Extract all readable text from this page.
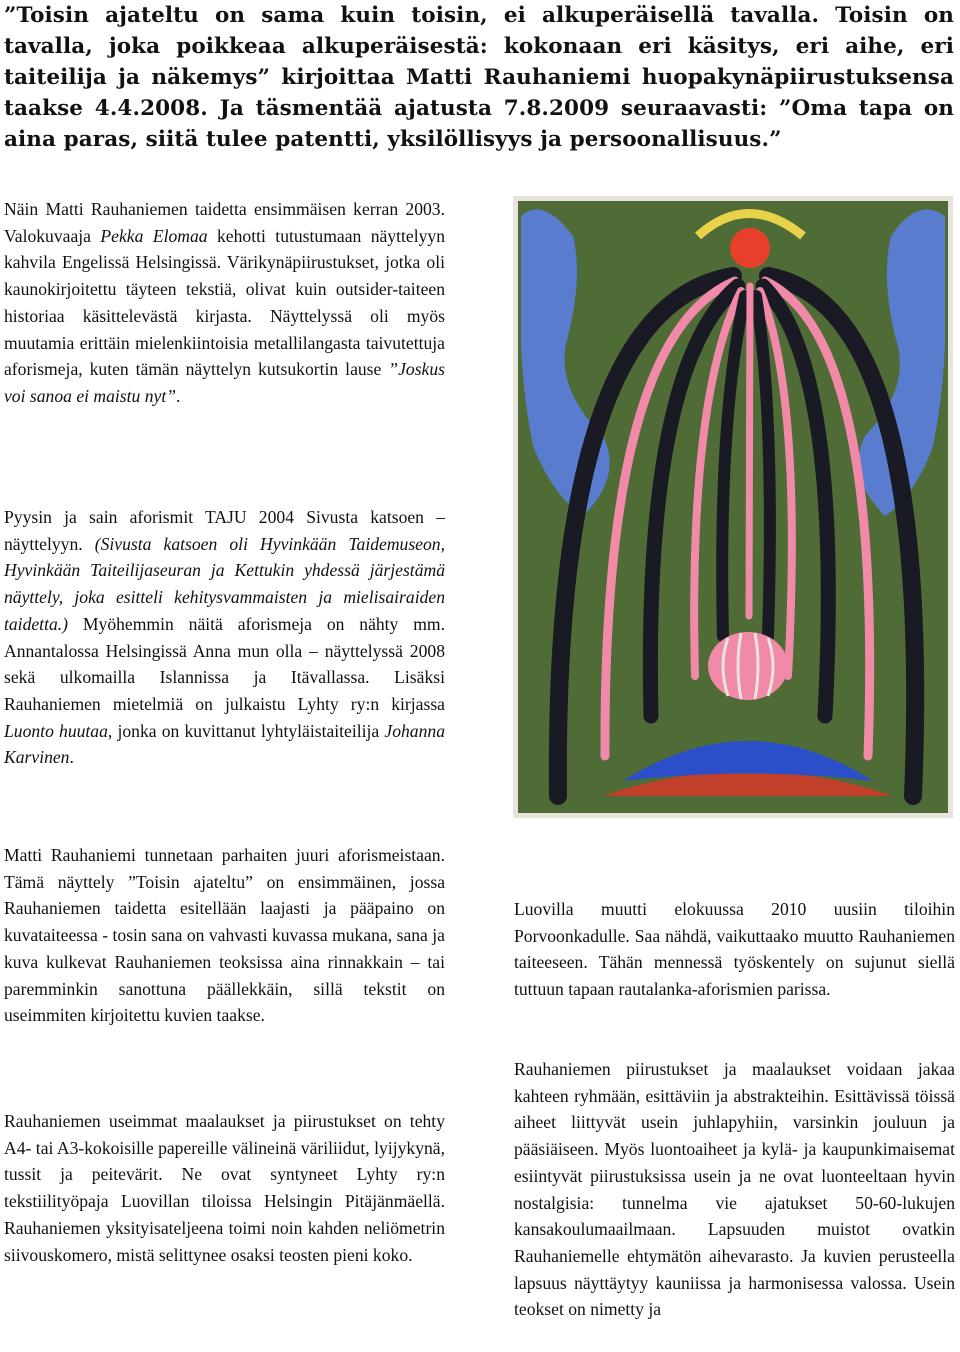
”Toisin ajateltu on sama kuin toisin, ei alkuperäisellä tavalla. Toisin on tavalla, joka poikkeaa alkuperäisestä: kokonaan eri käsitys, eri aihe, eri taiteilija ja näkemys” kirjoittaa Matti Rauhaniemi huopakynäpiirustuksensa taakse 4.4.2008. Ja täsmentää ajatusta 7.8.2009 seuraavasti: ”Oma tapa on aina paras, siitä tulee patentti, yksilöllisyys ja persoonallisuus.”

Näin Matti Rauhaniemen taidetta ensimmäisen kerran 2003. Valokuvaaja Pekka Elomaa kehotti tutustumaan näyttelyyn kahvila Engelissä Helsingissä. Värikynäpiirustukset, jotka oli kaunokirjoitettu täyteen tekstiä, olivat kuin outsider-taiteen historiaa käsittelevästä kirjasta. Näyttelyssä oli myös muutamia erittäin mielenkiintoisia metallilangasta taivutettuja aforismeja, kuten tämän näyttelyn kutsukortin lause ”Joskus voi sanoa ei maistu nyt”.

Pyysin ja sain aforismit TAJU 2004 Sivusta katsoen –näyttelyyn. (Sivusta katsoen oli Hyvinkään Taidemuseon, Hyvinkään Taiteilijaseuran ja Kettukin yhdessä järjestämä näyttely, joka esitteli kehitysvammaisten ja mielisairaiden taidetta.) Myöhemmin näitä aforismeja on nähty mm. Annantalossa Helsingissä Anna mun olla – näyttelyssä 2008 sekä ulkomailla Islannissa ja Itävallassa. Lisäksi Rauhaniemen mietelmiä on julkaistu Lyhty ry:n kirjassa Luonto huutaa, jonka on kuvittanut lyhtyläistaiteilija Johanna Karvinen.

Matti Rauhaniemi tunnetaan parhaiten juuri aforismeistaan. Tämä näyttely ”Toisin ajateltu” on ensimmäinen, jossa Rauhaniemen taidetta esitellään laajasti ja pääpaino on kuvataiteessa - tosin sana on vahvasti kuvassa mukana, sana ja kuva kulkevat Rauhaniemen teoksissa aina rinnakkain – tai paremminkin sanottuna päällekkäin, sillä tekstit on useimmiten kirjoitettu kuvien taakse.

Rauhaniemen useimmat maalaukset ja piirustukset on tehty A4- tai A3-kokoisille papereille välineinä väriliidut, lyijykynä, tussit ja peitevärit. Ne ovat syntyneet Lyhty ry:n tekstiilityöpaja Luovillan tiloissa Helsingin Pitäjänmäellä. Rauhaniemen yksityisateljeena toimi noin kahden neliömetrin siivouskomero, mistä selittynee osaksi teosten pieni koko.

Luovilla muutti elokuussa 2010 uusiin tiloihin Porvoonkadulle. Saa nähdä, vaikuttaako muutto Rauhaniemen taiteeseen. Tähän mennessä työskentely on sujunut siellä tuttuun tapaan rautalanka-aforismien parissa.

Rauhaniemen piirustukset ja maalaukset voidaan jakaa kahteen ryhmään, esittäviin ja abstrakteihin. Esittävissä töissä aiheet liittyvät usein juhlapyhiin, varsinkin jouluun ja pääsiäiseen. Myös luontoaiheet ja kylä- ja kaupunkimaisemat esiintyvät piirustuksissa usein ja ne ovat luonteeltaan hyvin nostalgisia: tunnelma vie ajatukset 50-60-lukujen kansakoulumaailmaan. Lapsuuden muistot ovatkin Rauhaniemelle ehtymätön aihevarasto. Ja kuvien perusteella lapsuus näyttäytyy kauniissa ja harmonisessa valossa. Usein teokset on nimetty ja
